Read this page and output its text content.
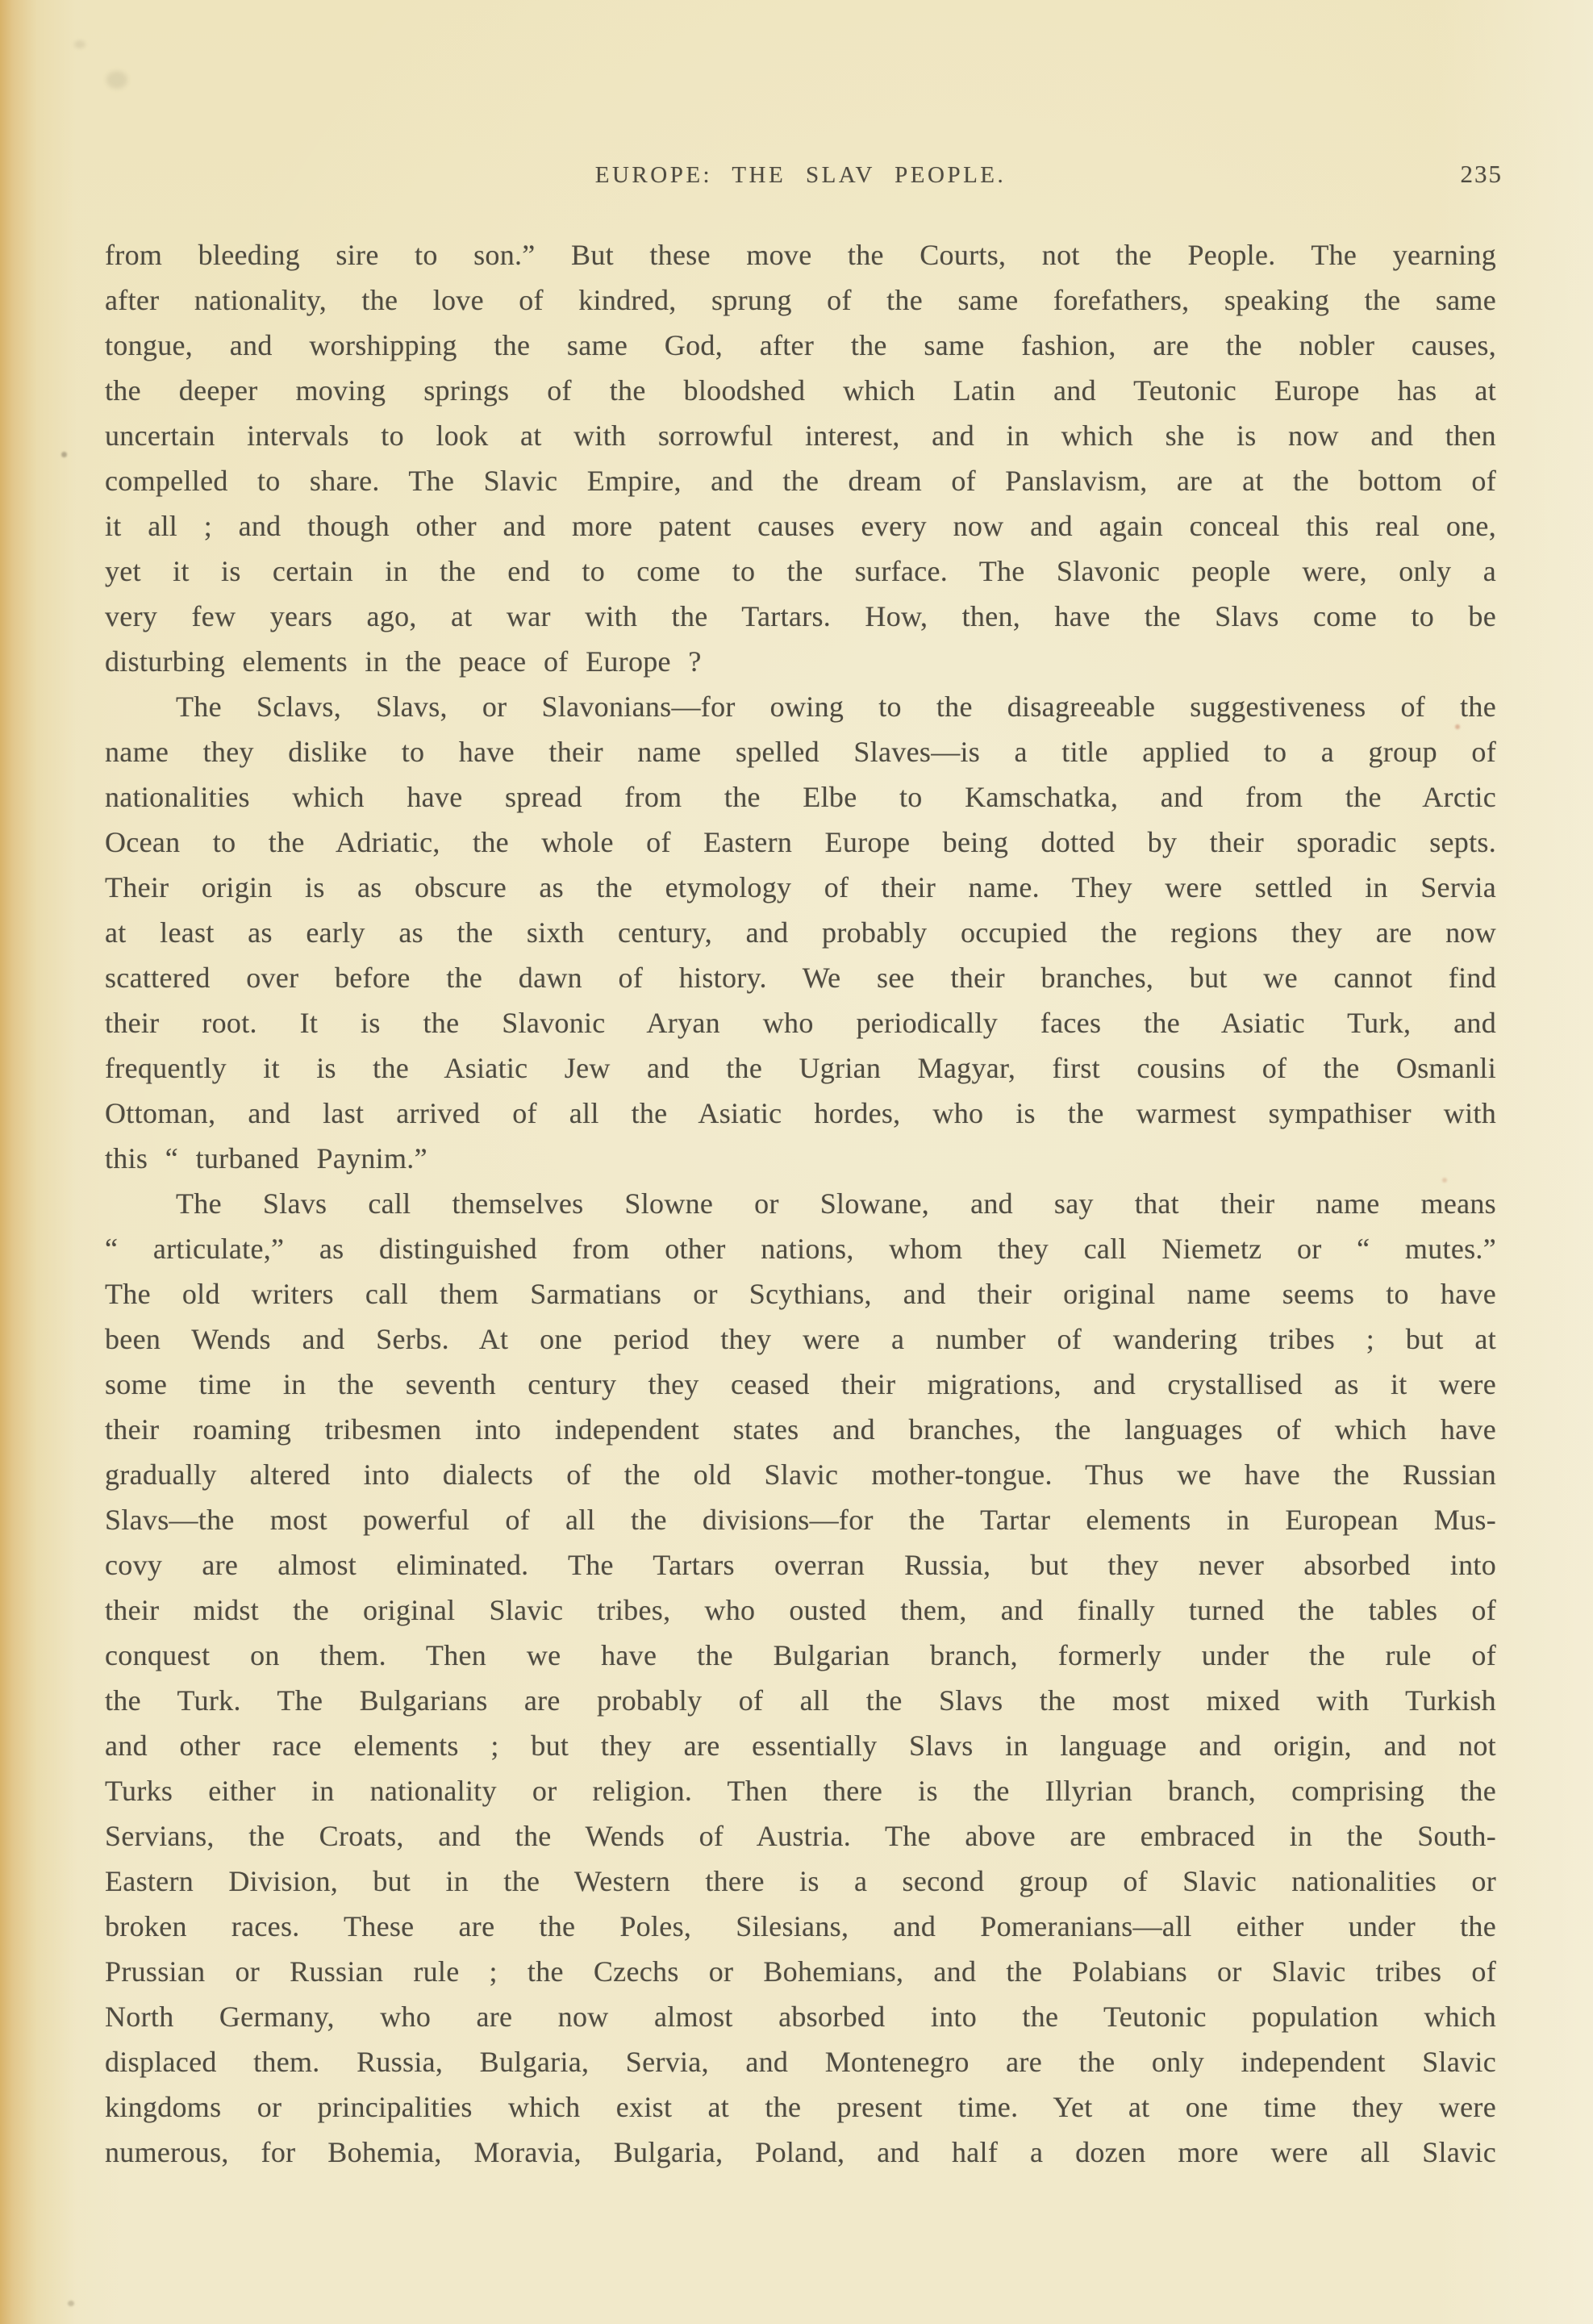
EUROPE: THE SLAV PEOPLE.	235
from bleeding sire to son.” But these move the Courts, not the People. The yearning
after nationality, the love of kindred, sprung of the same forefathers, speaking the same
tongue, and worshipping the same God, after the same fashion, are the nobler causes,
the deeper moving springs of the bloodshed which Latin and Teutonic Europe has at
uncertain intervals to look at with sorrowful interest, and in which she is now and then
compelled to share. The Slavic Empire, and the dream of Panslavism, are at the bottom of
it all ; and though other and more patent causes every now and again conceal this real one,
yet it is certain in the end to come to the surface. The Slavonic people were, only a
very few years ago, at war with the Tartars. How, then, have the Slavs come to be
disturbing elements in the peace of Europe ?
The Sclavs, Slavs, or Slavonians—for owing to the disagreeable suggestiveness of the
name they dislike to have their name spelled Slaves—is a title applied to a group of
nationalities which have spread from the Elbe to Kamschatka, and from the Arctic
Ocean to the Adriatic, the whole of Eastern Europe being dotted by their sporadic septs.
Their origin is as obscure as the etymology of their name. They were settled in Servia
at least as early as the sixth century, and probably occupied the regions they are now
scattered over before the dawn of history. We see their branches, but we cannot find
their root. It is the Slavonic Aryan who periodically faces the Asiatic Turk, and
frequently it is the Asiatic Jew and the Ugrian Magyar, first cousins of the Osmanli
Ottoman, and last arrived of all the Asiatic hordes, who is the warmest sympathiser with
this “ turbaned Paynim.”
The Slavs call themselves Slowne or Slowane, and say that their name means
“ articulate,” as distinguished from other nations, whom they call Niemetz or “ mutes.”
The old writers call them Sarmatians or Scythians, and their original name seems to have
been Wends and Serbs. At one period they were a number of wandering tribes ; but at
some time in the seventh century they ceased their migrations, and crystallised as it were
their roaming tribesmen into independent states and branches, the languages of which have
gradually altered into dialects of the old Slavic mother-tongue. Thus we have the Russian
Slavs—the most powerful of all the divisions—for the Tartar elements in European Mus-
covy are almost eliminated. The Tartars overran Russia, but they never absorbed into
their midst the original Slavic tribes, who ousted them, and finally turned the tables of
conquest on them. Then we have the Bulgarian branch, formerly under the rule of
the Turk. The Bulgarians are probably of all the Slavs the most mixed with Turkish
and other race elements ; but they are essentially Slavs in language and origin, and not
Turks either in nationality or religion. Then there is the Illyrian branch, comprising the
Servians, the Croats, and the Wends of Austria. The above are embraced in the South-
Eastern Division, but in the Western there is a second group of Slavic nationalities or
broken races. These are the Poles, Silesians, and Pomeranians—all either under the
Prussian or Russian rule ; the Czechs or Bohemians, and the Polabians or Slavic tribes of
North Germany, who are now almost absorbed into the Teutonic population which
displaced them. Russia, Bulgaria, Servia, and Montenegro are the only independent Slavic
kingdoms or principalities which exist at the present time. Yet at one time they were
numerous, for Bohemia, Moravia, Bulgaria, Poland, and half a dozen more were all Slavic
